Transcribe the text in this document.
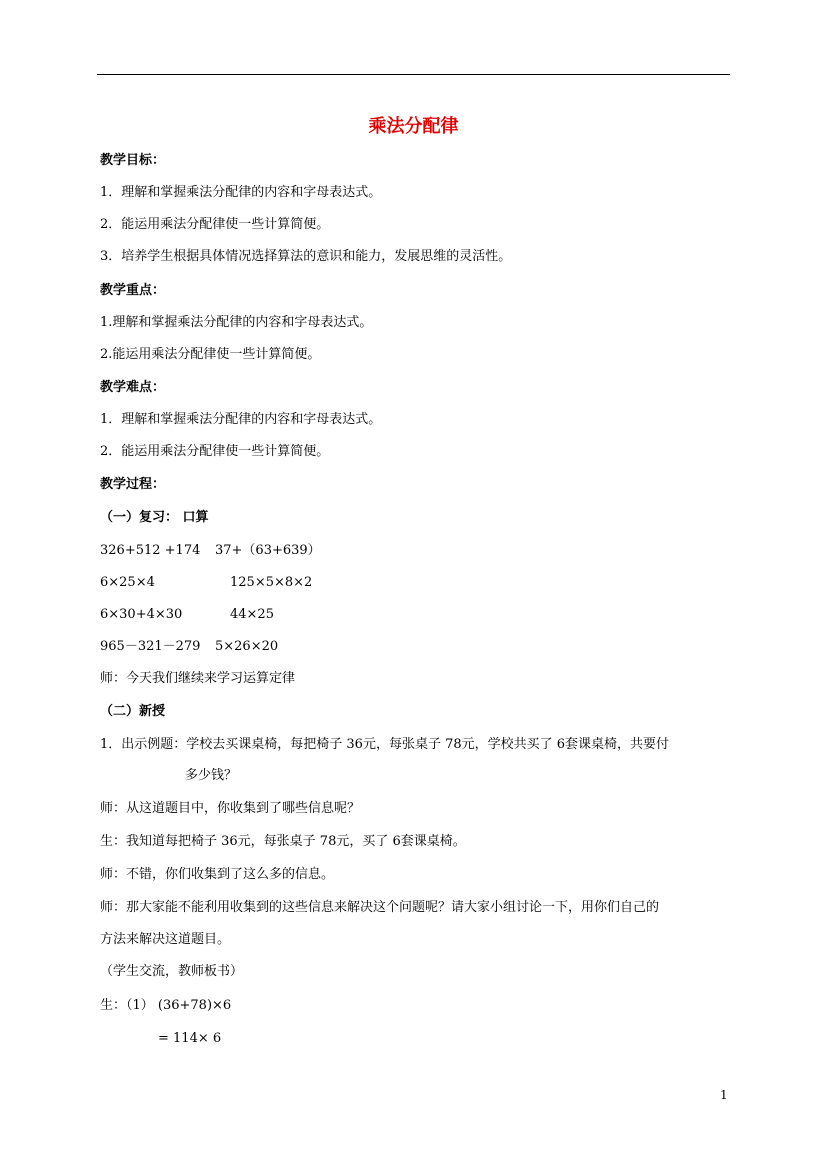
乘法分配律
教学目标：
1．理解和掌握乘法分配律的内容和字母表达式。
2．能运用乘法分配律使一些计算简便。
3．培养学生根据具体情况选择算法的意识和能力，发展思维的灵活性。
教学重点：
1.理解和掌握乘法分配律的内容和字母表达式。
2.能运用乘法分配律使一些计算简便。
教学难点：
1．理解和掌握乘法分配律的内容和字母表达式。
2．能运用乘法分配律使一些计算简便。
教学过程：
（一）复习： 口算
326+512 +174 37+（63+639）
6×25×4	125×5×8×2
6×30+4×30	44×25
965－321－279 5×26×20
师：今天我们继续来学习运算定律
（二）新授
1．出示例题：学校去买课桌椅，每把椅子 36元，每张桌子 78元，学校共买了 6套课桌椅，共要付
多少钱？
师：从这道题目中，你收集到了哪些信息呢？
生：我知道每把椅子 36元，每张桌子 78元，买了 6套课桌椅。
师：不错，你们收集到了这么多的信息。
师：那大家能不能利用收集到的这些信息来解决这个问题呢？请大家小组讨论一下，用你们自己的
方法来解决这道题目。
（学生交流，教师板书）
生：（1） (36+78)×6
= 114× 6
1
